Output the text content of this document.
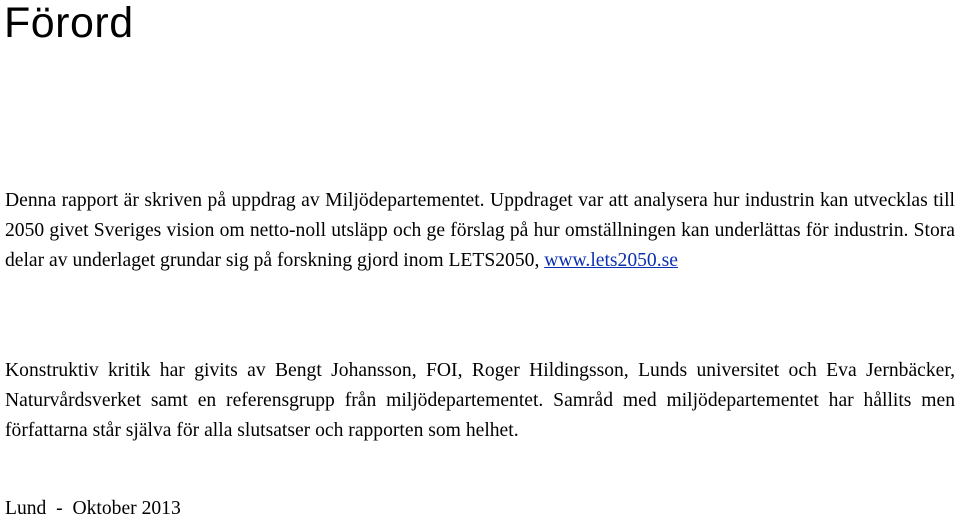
Förord

Denna rapport är skriven på uppdrag av Miljödepartementet. Uppdraget var att analysera hur industrin kan utvecklas till 2050 givet Sveriges vision om netto-noll utsläpp och ge förslag på hur omställningen kan underlättas för industrin. Stora delar av underlaget grundar sig på forskning gjord inom LETS2050, www.lets2050.se

Konstruktiv kritik har givits av Bengt Johansson, FOI, Roger Hildingsson, Lunds universitet och Eva Jernbäcker, Naturvårdsverket samt en referensgrupp från miljödepartementet. Samråd med miljödepartementet har hållits men författarna står själva för alla slutsatser och rapporten som helhet.

Lund  -  Oktober 2013
